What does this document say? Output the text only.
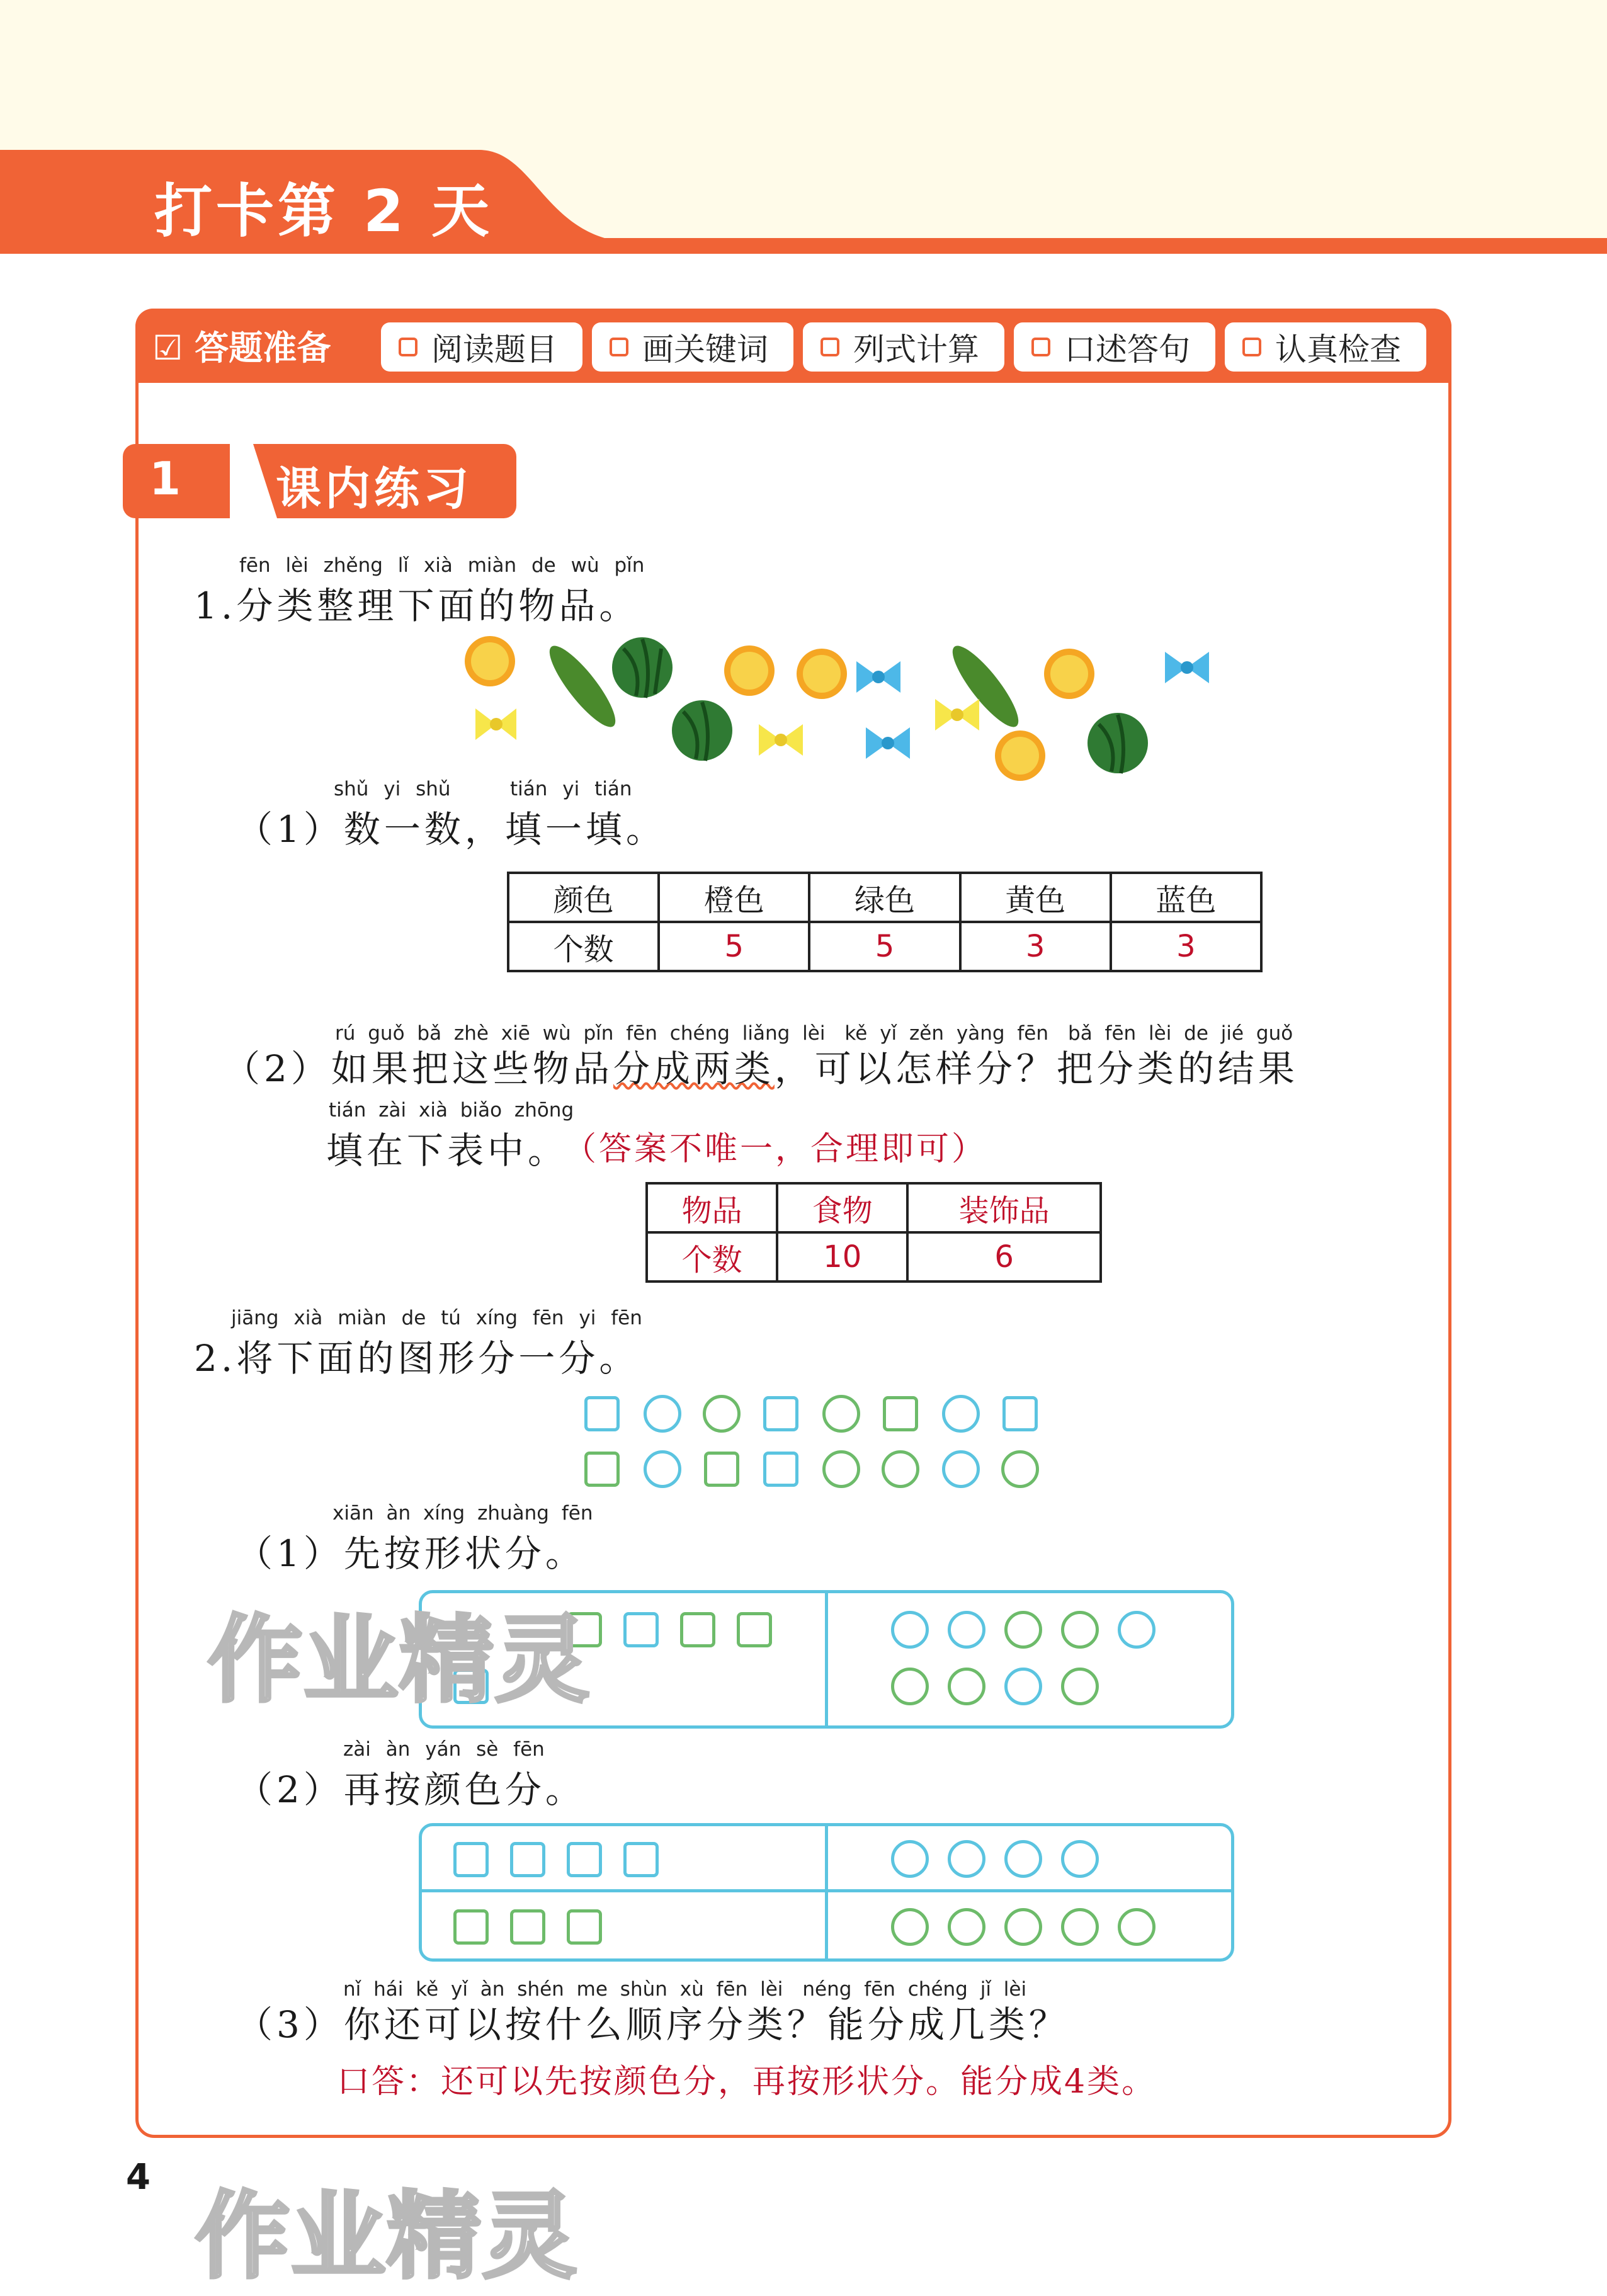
打卡第 2 天
☑ 答题准备	阅读题目	画关键词	列式计算	口述答句	认真检查
1 课内练习
fēn lèi zhěng lǐ xià miàn de wù pǐn
1.分类整理下面的物品。
shǔ yi shǔ	tián yi tián
（1）数一数，填一填。
颜色	橙色	绿色	黄色	蓝色
个数	5	5	3	3
rú guǒ bǎ zhè xiē wù pǐn fēn chéng liǎng lèi　kě yǐ zěn yàng fēn　bǎ fēn lèi de jié guǒ
（2）如果把这些物品分成两类，可以怎样分？把分类的结果
tián zài xià biǎo zhōng
填在下表中。
（答案不唯一，合理即可）
物品	食物	装饰品
个数	10	6
jiāng xià miàn de tú xíng fēn yi fēn
2.将下面的图形分一分。
xiān àn xíng zhuàng fēn
（1）先按形状分。
zài àn yán sè fēn
（2）再按颜色分。
nǐ hái kě yǐ àn shén me shùn xù fēn lèi　néng fēn chéng jǐ lèi
（3）你还可以按什么顺序分类？能分成几类？
口答：还可以先按颜色分，再按形状分。能分成4类。
作业精灵
作业精灵
4
